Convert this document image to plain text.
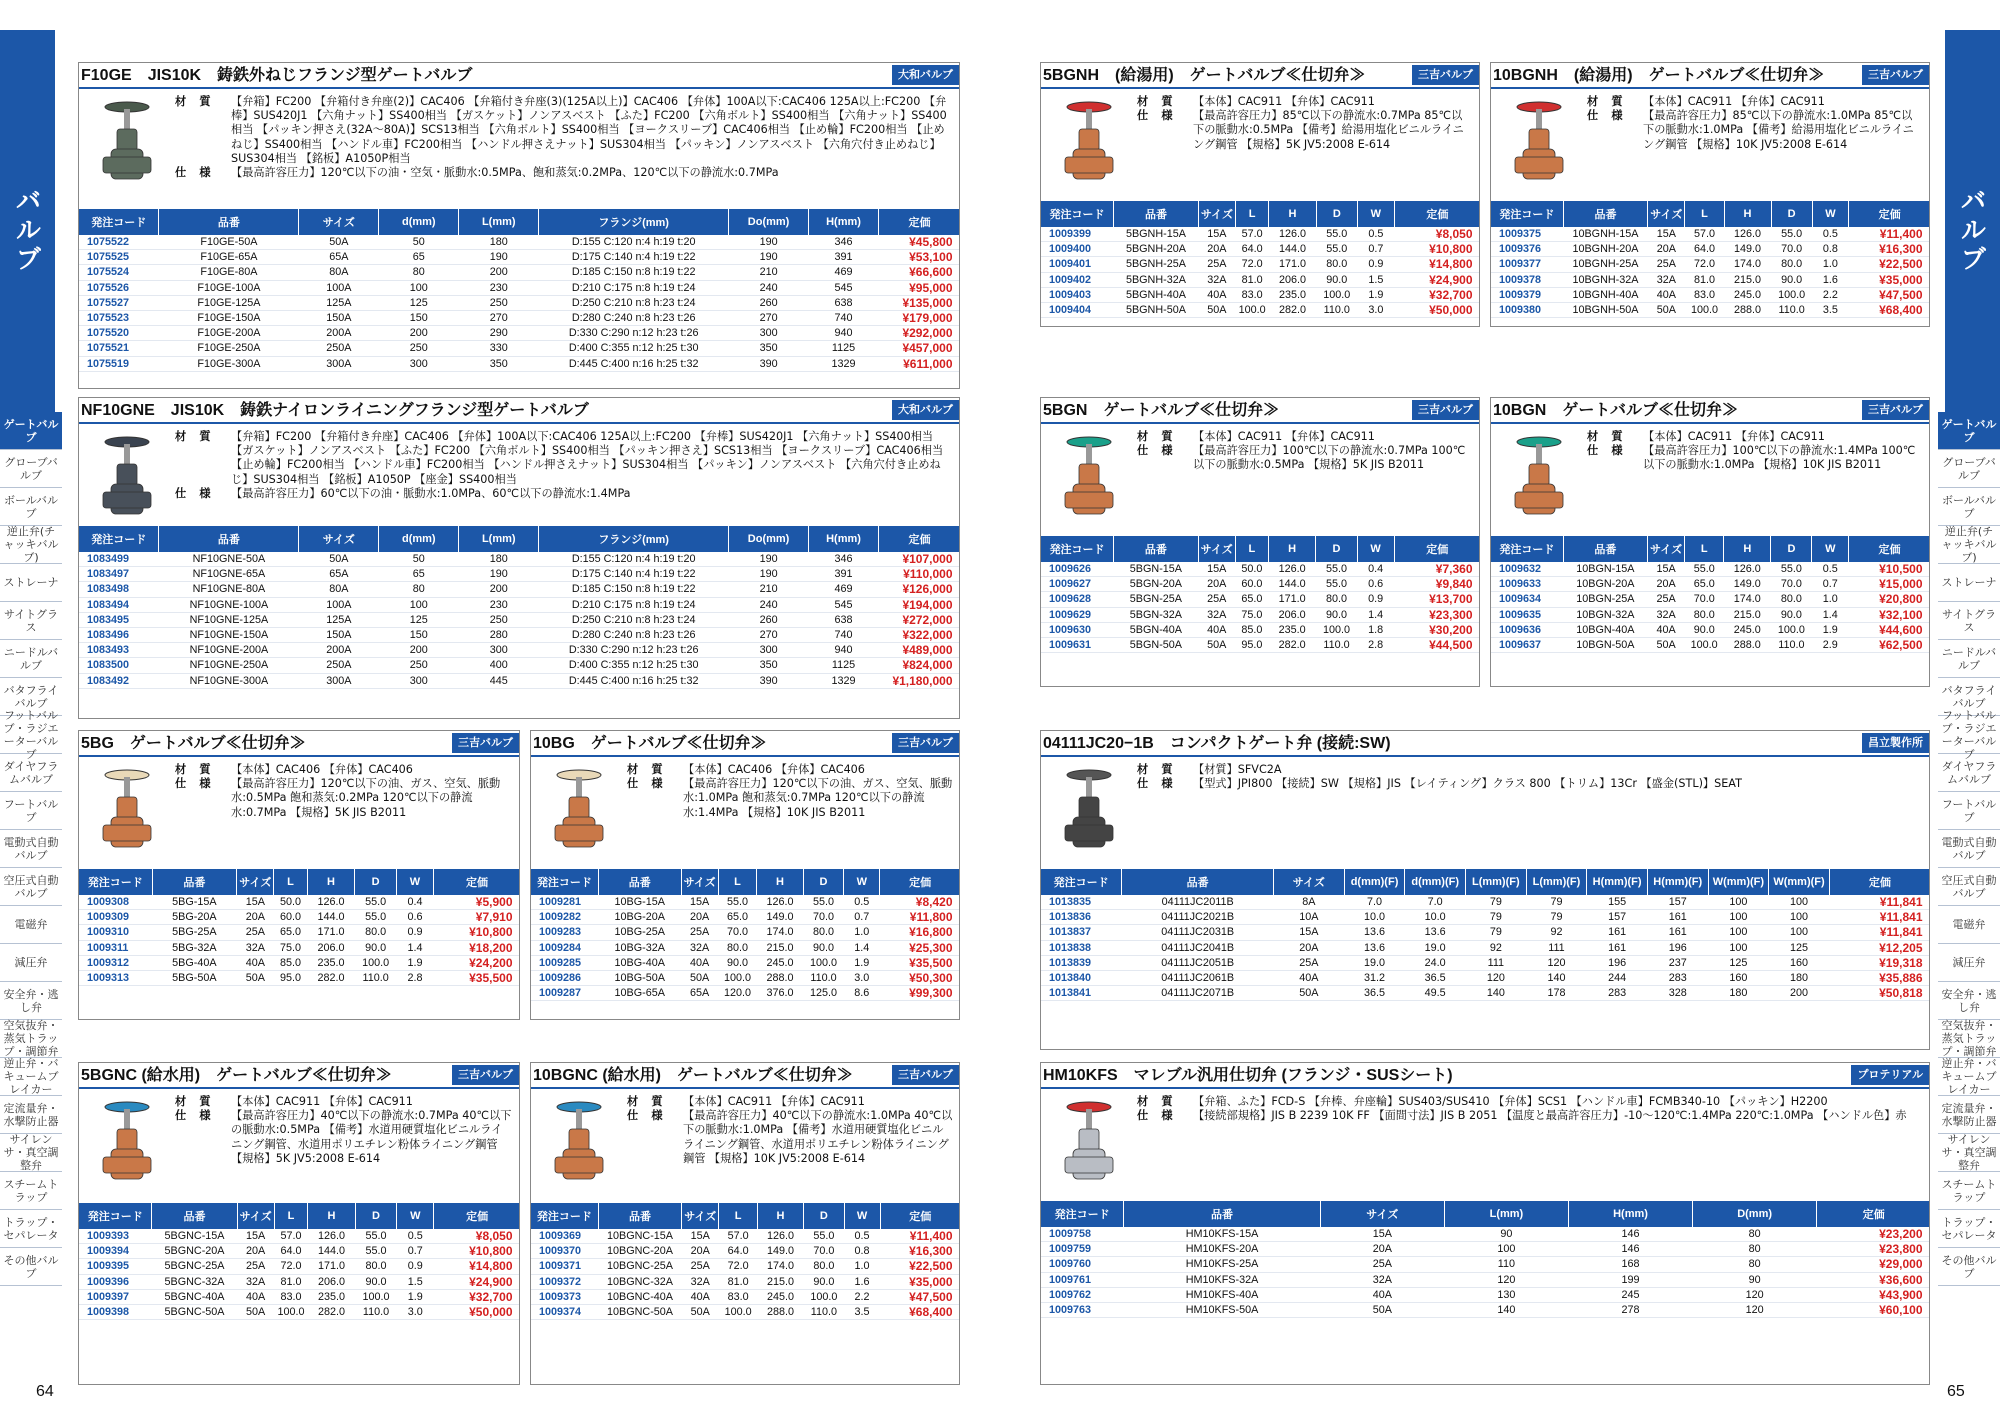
バルブ
ゲートバルブ
グローブバルブ
ボールバルブ
逆止弁(チャッキバルブ)
ストレーナ
サイトグラス
ニードルバルブ
バタフライバルブ
ブ・ラジエーターバル
ダイヤフラムバルブ
フートバルブ
電動式自動バルブ
空圧式自動バルブ
電磁弁
減圧弁
安全弁・逃し弁
空気抜弁・蒸気トラップ・調節弁
逆止弁・バキュームブレイカー
定流量弁・水撃防止器
サイレンサ・真空調整弁
スチームトラップ
トラップ・セパレータ
その他バルブ
バルブ
ゲートバルブ
グローブバルブ
ボールバルブ
逆止弁(チャッキバルブ)
ストレーナ
サイトグラス
ニードルバルブ
バタフライバルブ
ブ・ラジエーターバル
ダイヤフラムバルブ
フートバルブ
電動式自動バルブ
空圧式自動バルブ
電磁弁
減圧弁
安全弁・逃し弁
空気抜弁・蒸気トラップ・調節弁
逆止弁・バキュームブレイカー
定流量弁・水撃防止器
サイレンサ・真空調整弁
スチームトラップ
トラップ・セパレータ
その他バルブ
64	65
F10GE　JIS10K　鋳鉄外ねじフランジ型ゲートバルブ	大和バルブ
材　質	【弁箱】FC200 【弁箱付き弁座(2)】CAC406 【弁箱付き弁座(3)(125A以上)】CAC406 【弁体】100A以下:CAC406 125A以上:FC200 【弁棒】SUS420J1 【六角ナット】SS400相当 【ガスケット】ノンアスベスト 【ふた】FC200 【六角ボルト】SS400相当 【六角ナット】SS400相当 【パッキン押さえ(32A〜80A)】SCS13相当 【六角ボルト】SS400相当 【ヨークスリーブ】CAC406相当 【止め輪】FC200相当 【止めねじ】SS400相当 【ハンドル車】FC200相当 【ハンドル押さえナット】SUS304相当 【パッキン】ノンアスベスト 【六角穴付き止めねじ】SUS304相当 【銘板】A1050P相当
仕　様	【最高許容圧力】120℃以下の油・空気・脈動水:0.5MPa、飽和蒸気:0.2MPa、120℃以下の静流水:0.7MPa
発注コード	品番	サイズ	d(mm)	L(mm)	フランジ(mm)	Do(mm)	H(mm)	定価
1075522	F10GE-50A	50A	50	180	D:155 C:120 n:4 h:19 t:20	190	346	¥45,800
1075525	F10GE-65A	65A	65	190	D:175 C:140 n:4 h:19 t:22	190	391	¥53,100
1075524	F10GE-80A	80A	80	200	D:185 C:150 n:8 h:19 t:22	210	469	¥66,600
1075526	F10GE-100A	100A	100	230	D:210 C:175 n:8 h:19 t:24	240	545	¥95,000
1075527	F10GE-125A	125A	125	250	D:250 C:210 n:8 h:23 t:24	260	638	¥135,000
1075523	F10GE-150A	150A	150	270	D:280 C:240 n:8 h:23 t:26	270	740	¥179,000
1075520	F10GE-200A	200A	200	290	D:330 C:290 n:12 h:23 t:26	300	940	¥292,000
1075521	F10GE-250A	250A	250	330	D:400 C:355 n:12 h:25 t:30	350	1125	¥457,000
1075519	F10GE-300A	300A	300	350	D:445 C:400 n:16 h:25 t:32	390	1329	¥611,000
NF10GNE　JIS10K　鋳鉄ナイロンライニングフランジ型ゲートバルブ	大和バルブ
材　質	【弁箱】FC200 【弁箱付き弁座】CAC406 【弁体】100A以下:CAC406 125A以上:FC200 【弁棒】SUS420J1 【六角ナット】SS400相当 【ガスケット】ノンアスベスト 【ふた】FC200 【六角ボルト】SS400相当 【パッキン押さえ】SCS13相当 【ヨークスリーブ】CAC406相当 【止め輪】FC200相当 【ハンドル車】FC200相当 【ハンドル押さえナット】SUS304相当 【パッキン】ノンアスベスト 【六角穴付き止めねじ】SUS304相当 【銘板】A1050P 【座金】SS400相当
仕　様	【最高許容圧力】60℃以下の油・脈動水:1.0MPa、60℃以下の静流水:1.4MPa
発注コード	品番	サイズ	d(mm)	L(mm)	フランジ(mm)	Do(mm)	H(mm)	定価
1083499	NF10GNE-50A	50A	50	180	D:155 C:120 n:4 h:19 t:20	190	346	¥107,000
1083497	NF10GNE-65A	65A	65	190	D:175 C:140 n:4 h:19 t:22	190	391	¥110,000
1083498	NF10GNE-80A	80A	80	200	D:185 C:150 n:8 h:19 t:22	210	469	¥126,000
1083494	NF10GNE-100A	100A	100	230	D:210 C:175 n:8 h:19 t:24	240	545	¥194,000
1083495	NF10GNE-125A	125A	125	250	D:250 C:210 n:8 h:23 t:24	260	638	¥272,000
1083496	NF10GNE-150A	150A	150	280	D:280 C:240 n:8 h:23 t:26	270	740	¥322,000
1083493	NF10GNE-200A	200A	200	300	D:330 C:290 n:12 h:23 t:26	300	940	¥489,000
1083500	NF10GNE-250A	250A	250	400	D:400 C:355 n:12 h:25 t:30	350	1125	¥824,000
1083492	NF10GNE-300A	300A	300	445	D:445 C:400 n:16 h:25 t:32	390	1329	¥1,180,000
5BG　ゲートバルブ≪仕切弁≫	三吉バルブ
材　質	【本体】CAC406 【弁体】CAC406
仕　様	【最高許容圧力】120℃以下の油、ガス、空気、脈動水:0.5MPa 飽和蒸気:0.2MPa 120℃以下の静流水:0.7MPa 【規格】5K JIS B2011
発注コード	品番	サイズ	L	H	D	W	定価
1009308	5BG-15A	15A	50.0	126.0	55.0	0.4	¥5,900
1009309	5BG-20A	20A	60.0	144.0	55.0	0.6	¥7,910
1009310	5BG-25A	25A	65.0	171.0	80.0	0.9	¥10,800
1009311	5BG-32A	32A	75.0	206.0	90.0	1.4	¥18,200
1009312	5BG-40A	40A	85.0	235.0	100.0	1.9	¥24,200
1009313	5BG-50A	50A	95.0	282.0	110.0	2.8	¥35,500
10BG　ゲートバルブ≪仕切弁≫	三吉バルブ
材　質	【本体】CAC406 【弁体】CAC406
仕　様	【最高許容圧力】120℃以下の油、ガス、空気、脈動水:1.0MPa 飽和蒸気:0.7MPa 120℃以下の静流水:1.4MPa 【規格】10K JIS B2011
発注コード	品番	サイズ	L	H	D	W	定価
1009281	10BG-15A	15A	55.0	126.0	55.0	0.5	¥8,420
1009282	10BG-20A	20A	65.0	149.0	70.0	0.7	¥11,800
1009283	10BG-25A	25A	70.0	174.0	80.0	1.0	¥16,800
1009284	10BG-32A	32A	80.0	215.0	90.0	1.4	¥25,300
1009285	10BG-40A	40A	90.0	245.0	100.0	1.9	¥35,500
1009286	10BG-50A	50A	100.0	288.0	110.0	3.0	¥50,300
1009287	10BG-65A	65A	120.0	376.0	125.0	8.6	¥99,300
5BGNC (給水用)　ゲートバルブ≪仕切弁≫	三吉バルブ
材　質	【本体】CAC911 【弁体】CAC911
仕　様	【最高許容圧力】40℃以下の静流水:0.7MPa 40℃以下の脈動水:0.5MPa 【備考】水道用硬質塩化ビニルライニング鋼管、水道用ポリエチレン粉体ライニング鋼管 【規格】5K JV5:2008 E-614
発注コード	品番	サイズ	L	H	D	W	定価
1009393	5BGNC-15A	15A	57.0	126.0	55.0	0.5	¥8,050
1009394	5BGNC-20A	20A	64.0	144.0	55.0	0.7	¥10,800
1009395	5BGNC-25A	25A	72.0	171.0	80.0	0.9	¥14,800
1009396	5BGNC-32A	32A	81.0	206.0	90.0	1.5	¥24,900
1009397	5BGNC-40A	40A	83.0	235.0	100.0	1.9	¥32,700
1009398	5BGNC-50A	50A	100.0	282.0	110.0	3.0	¥50,000
10BGNC (給水用)　ゲートバルブ≪仕切弁≫	三吉バルブ
材　質	【本体】CAC911 【弁体】CAC911
仕　様	【最高許容圧力】40℃以下の静流水:1.0MPa 40℃以下の脈動水:1.0MPa 【備考】水道用硬質塩化ビニルライニング鋼管、水道用ポリエチレン粉体ライニング鋼管 【規格】10K JV5:2008 E-614
発注コード	品番	サイズ	L	H	D	W	定価
1009369	10BGNC-15A	15A	57.0	126.0	55.0	0.5	¥11,400
1009370	10BGNC-20A	20A	64.0	149.0	70.0	0.8	¥16,300
1009371	10BGNC-25A	25A	72.0	174.0	80.0	1.0	¥22,500
1009372	10BGNC-32A	32A	81.0	215.0	90.0	1.6	¥35,000
1009373	10BGNC-40A	40A	83.0	245.0	100.0	2.2	¥47,500
1009374	10BGNC-50A	50A	100.0	288.0	110.0	3.5	¥68,400
5BGNH　(給湯用)　ゲートバルブ≪仕切弁≫	三吉バルブ
材　質	【本体】CAC911 【弁体】CAC911
仕　様	【最高許容圧力】85℃以下の静流水:0.7MPa 85℃以下の脈動水:0.5MPa 【備考】給湯用塩化ビニルライニング鋼管 【規格】5K JV5:2008 E-614
発注コード	品番	サイズ	L	H	D	W	定価
1009399	5BGNH-15A	15A	57.0	126.0	55.0	0.5	¥8,050
1009400	5BGNH-20A	20A	64.0	144.0	55.0	0.7	¥10,800
1009401	5BGNH-25A	25A	72.0	171.0	80.0	0.9	¥14,800
1009402	5BGNH-32A	32A	81.0	206.0	90.0	1.5	¥24,900
1009403	5BGNH-40A	40A	83.0	235.0	100.0	1.9	¥32,700
1009404	5BGNH-50A	50A	100.0	282.0	110.0	3.0	¥50,000
10BGNH　(給湯用)　ゲートバルブ≪仕切弁≫	三吉バルブ
材　質	【本体】CAC911 【弁体】CAC911
仕　様	【最高許容圧力】85℃以下の静流水:1.0MPa 85℃以下の脈動水:1.0MPa 【備考】給湯用塩化ビニルライニング鋼管 【規格】10K JV5:2008 E-614
発注コード	品番	サイズ	L	H	D	W	定価
1009375	10BGNH-15A	15A	57.0	126.0	55.0	0.5	¥11,400
1009376	10BGNH-20A	20A	64.0	149.0	70.0	0.8	¥16,300
1009377	10BGNH-25A	25A	72.0	174.0	80.0	1.0	¥22,500
1009378	10BGNH-32A	32A	81.0	215.0	90.0	1.6	¥35,000
1009379	10BGNH-40A	40A	83.0	245.0	100.0	2.2	¥47,500
1009380	10BGNH-50A	50A	100.0	288.0	110.0	3.5	¥68,400
5BGN　ゲートバルブ≪仕切弁≫	三吉バルブ
材　質	【本体】CAC911 【弁体】CAC911
仕　様	【最高許容圧力】100℃以下の静流水:0.7MPa 100℃以下の脈動水:0.5MPa 【規格】5K JIS B2011
発注コード	品番	サイズ	L	H	D	W	定価
1009626	5BGN-15A	15A	50.0	126.0	55.0	0.4	¥7,360
1009627	5BGN-20A	20A	60.0	144.0	55.0	0.6	¥9,840
1009628	5BGN-25A	25A	65.0	171.0	80.0	0.9	¥13,700
1009629	5BGN-32A	32A	75.0	206.0	90.0	1.4	¥23,300
1009630	5BGN-40A	40A	85.0	235.0	100.0	1.8	¥30,200
1009631	5BGN-50A	50A	95.0	282.0	110.0	2.8	¥44,500
10BGN　ゲートバルブ≪仕切弁≫	三吉バルブ
材　質	【本体】CAC911 【弁体】CAC911
仕　様	【最高許容圧力】100℃以下の静流水:1.4MPa 100℃以下の脈動水:1.0MPa 【規格】10K JIS B2011
発注コード	品番	サイズ	L	H	D	W	定価
1009632	10BGN-15A	15A	55.0	126.0	55.0	0.5	¥10,500
1009633	10BGN-20A	20A	65.0	149.0	70.0	0.7	¥15,000
1009634	10BGN-25A	25A	70.0	174.0	80.0	1.0	¥20,800
1009635	10BGN-32A	32A	80.0	215.0	90.0	1.4	¥32,100
1009636	10BGN-40A	40A	90.0	245.0	100.0	1.9	¥44,600
1009637	10BGN-50A	50A	100.0	288.0	110.0	2.9	¥62,500
04111JC20−1B　コンパクトゲート弁 (接続:SW)	昌立製作所
材　質	【材質】SFVC2A
仕　様	【型式】JPI800 【接続】SW 【規格】JIS 【レイティング】クラス 800 【トリム】13Cr 【盛金(STL)】SEAT
発注コード	品番	サイズ	d(mm)(F)	d(mm)(F)	L(mm)(F)	L(mm)(F)	H(mm)(F)	H(mm)(F)	W(mm)(F)	W(mm)(F)	定価
1013835	04111JC2011B	8A	7.0	7.0	79	79	155	157	100	100	¥11,841
1013836	04111JC2021B	10A	10.0	10.0	79	79	157	161	100	100	¥11,841
1013837	04111JC2031B	15A	13.6	13.6	79	92	161	161	100	100	¥11,841
1013838	04111JC2041B	20A	13.6	19.0	92	111	161	196	100	125	¥12,205
1013839	04111JC2051B	25A	19.0	24.0	111	120	196	237	125	160	¥19,318
1013840	04111JC2061B	40A	31.2	36.5	120	140	244	283	160	180	¥35,886
1013841	04111JC2071B	50A	36.5	49.5	140	178	283	328	180	200	¥50,818
HM10KFS　マレブル汎用仕切弁 (フランジ・SUSシート)	プロテリアル
材　質	【弁箱、ふた】FCD-S 【弁棒、弁座輪】SUS403/SUS410 【弁体】SCS1 【ハンドル車】FCMB340-10 【パッキン】H2200
仕　様	【接続部規格】JIS B 2239 10K FF 【面間寸法】JIS B 2051 【温度と最高許容圧力】-10〜120℃:1.4MPa 220℃:1.0MPa 【ハンドル色】赤
発注コード	品番	サイズ	L(mm)	H(mm)	D(mm)	定価
1009758	HM10KFS-15A	15A	90	146	80	¥23,200
1009759	HM10KFS-20A	20A	100	146	80	¥23,800
1009760	HM10KFS-25A	25A	110	168	80	¥29,000
1009761	HM10KFS-32A	32A	120	199	90	¥36,600
1009762	HM10KFS-40A	40A	130	245	120	¥43,900
1009763	HM10KFS-50A	50A	140	278	120	¥60,100
